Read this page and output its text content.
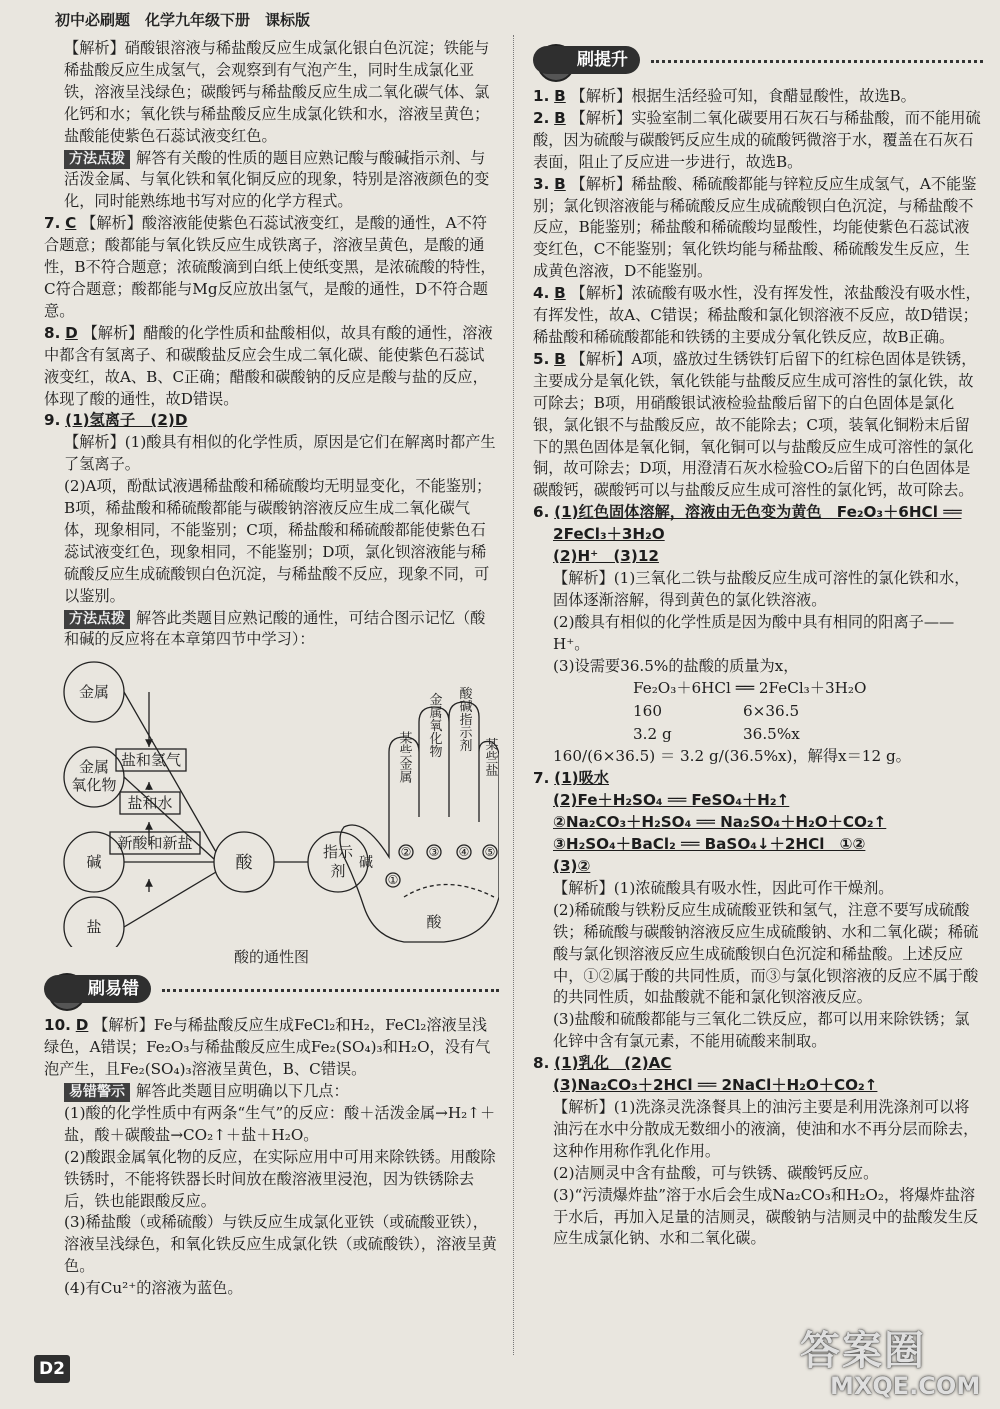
初中必刷题　化学九年级下册　课标版

【解析】硝酸银溶液与稀盐酸反应生成氯化银白色沉淀；铁能与稀盐酸反应生成氢气，会观察到有气泡产生，同时生成氯化亚铁，溶液呈浅绿色；碳酸钙与稀盐酸反应生成二氧化碳气体、氯化钙和水；氧化铁与稀盐酸反应生成氯化铁和水，溶液呈黄色；盐酸能使紫色石蕊试液变红色。

方法点拨 解答有关酸的性质的题目应熟记酸与酸碱指示剂、与活泼金属、与氧化铁和氧化铜反应的现象，特别是溶液颜色的变化，同时能熟练地书写对应的化学方程式。

7. C 【解析】酸溶液能使紫色石蕊试液变红，是酸的通性，A不符合题意；酸都能与氧化铁反应生成铁离子，溶液呈黄色，是酸的通性，B不符合题意；浓硫酸滴到白纸上使纸变黑，是浓硫酸的特性，C符合题意；酸都能与Mg反应放出氢气，是酸的通性，D不符合题意。

8. D 【解析】醋酸的化学性质和盐酸相似，故具有酸的通性，溶液中都含有氢离子、和碳酸盐反应会生成二氧化碳、能使紫色石蕊试液变红，故A、B、C正确；醋酸和碳酸钠的反应是酸与盐的反应，体现了酸的通性，故D错误。

9. (1)氢离子　(2)D

【解析】(1)酸具有相似的化学性质，原因是它们在解离时都产生了氢离子。

(2)A项，酚酞试液遇稀盐酸和稀硫酸均无明显变化，不能鉴别；B项，稀盐酸和稀硫酸都能与碳酸钠溶液反应生成二氧化碳气体，现象相同，不能鉴别；C项，稀盐酸和稀硫酸都能使紫色石蕊试液变红色，现象相同，不能鉴别；D项，氯化钡溶液能与稀硫酸反应生成硫酸钡白色沉淀，与稀盐酸不反应，现象不同，可以鉴别。

方法点拨 解答此类题目应熟记酸的通性，可结合图示记忆（酸和碱的反应将在本章第四节中学习）：

金属
金属
氧化物
碱
盐
酸
指示
剂
盐和氢气
盐和水
新酸和新盐
①
② ③ ④ ⑤
酸
碱
某些金属 金属氧化物 酸碱指示剂
某些盐

酸的通性图

刷易错

10. D 【解析】Fe与稀盐酸反应生成FeCl₂和H₂，FeCl₂溶液呈浅绿色，A错误；Fe₂O₃与稀盐酸反应生成Fe₂(SO₄)₃和H₂O，没有气泡产生，且Fe₂(SO₄)₃溶液呈黄色，B、C错误。

易错警示 解答此类题目应明确以下几点：

(1)酸的化学性质中有两条“生气”的反应：酸＋活泼金属→H₂↑＋盐，酸＋碳酸盐→CO₂↑＋盐＋H₂O。

(2)酸跟金属氧化物的反应，在实际应用中可用来除铁锈。用酸除铁锈时，不能将铁器长时间放在酸溶液里浸泡，因为铁锈除去后，铁也能跟酸反应。

(3)稀盐酸（或稀硫酸）与铁反应生成氯化亚铁（或硫酸亚铁），溶液呈浅绿色，和氧化铁反应生成氯化铁（或硫酸铁），溶液呈黄色。

(4)有Cu²⁺的溶液为蓝色。

刷提升

1. B 【解析】根据生活经验可知，食醋显酸性，故选B。

2. B 【解析】实验室制二氧化碳要用石灰石与稀盐酸，而不能用硫酸，因为硫酸与碳酸钙反应生成的硫酸钙微溶于水，覆盖在石灰石表面，阻止了反应进一步进行，故选B。

3. B 【解析】稀盐酸、稀硫酸都能与锌粒反应生成氢气，A不能鉴别；氯化钡溶液能与稀硫酸反应生成硫酸钡白色沉淀，与稀盐酸不反应，B能鉴别；稀盐酸和稀硫酸均显酸性，均能使紫色石蕊试液变红色，C不能鉴别；氧化铁均能与稀盐酸、稀硫酸发生反应，生成黄色溶液，D不能鉴别。

4. B 【解析】浓硫酸有吸水性，没有挥发性，浓盐酸没有吸水性，有挥发性，故A、C错误；稀盐酸和氯化钡溶液不反应，故D错误；稀盐酸和稀硫酸都能和铁锈的主要成分氧化铁反应，故B正确。

5. B 【解析】A项，盛放过生锈铁钉后留下的红棕色固体是铁锈，主要成分是氧化铁，氧化铁能与盐酸反应生成可溶性的氯化铁，故可除去；B项，用硝酸银试液检验盐酸后留下的白色固体是氯化银，氯化银不与盐酸反应，故不能除去；C项，装氧化铜粉末后留下的黑色固体是氧化铜，氧化铜可以与盐酸反应生成可溶性的氯化铜，故可除去；D项，用澄清石灰水检验CO₂后留下的白色固体是碳酸钙，碳酸钙可以与盐酸反应生成可溶性的氯化钙，故可除去。

6. (1)红色固体溶解，溶液由无色变为黄色　Fe₂O₃＋6HCl ══

2FeCl₃＋3H₂O

(2)H⁺　(3)12

【解析】(1)三氧化二铁与盐酸反应生成可溶性的氯化铁和水，固体逐渐溶解，得到黄色的氯化铁溶液。

(2)酸具有相似的化学性质是因为酸中具有相同的阳离子——H⁺。

(3)设需要36.5%的盐酸的质量为x，

Fe₂O₃＋6HCl ══ 2FeCl₃＋3H₂O

160	6×36.5

3.2 g	36.5%x

160/(6×36.5) ＝ 3.2 g/(36.5%x)，解得x＝12 g。

7. (1)吸水

(2)Fe＋H₂SO₄ ══ FeSO₄＋H₂↑

②Na₂CO₃＋H₂SO₄ ══ Na₂SO₄＋H₂O＋CO₂↑

③H₂SO₄＋BaCl₂ ══ BaSO₄↓＋2HCl　①②

(3)②

【解析】(1)浓硫酸具有吸水性，因此可作干燥剂。

(2)稀硫酸与铁粉反应生成硫酸亚铁和氢气，注意不要写成硫酸铁；稀硫酸与碳酸钠溶液反应生成硫酸钠、水和二氧化碳；稀硫酸与氯化钡溶液反应生成硫酸钡白色沉淀和稀盐酸。上述反应中，①②属于酸的共同性质，而③与氯化钡溶液的反应不属于酸的共同性质，如盐酸就不能和氯化钡溶液反应。

(3)盐酸和硫酸都能与三氧化二铁反应，都可以用来除铁锈；氯化锌中含有氯元素，不能用硫酸来制取。

8. (1)乳化　(2)AC

(3)Na₂CO₃＋2HCl ══ 2NaCl＋H₂O＋CO₂↑

【解析】(1)洗涤灵洗涤餐具上的油污主要是利用洗涤剂可以将油污在水中分散成无数细小的液滴，使油和水不再分层而除去，这种作用称作乳化作用。

(2)洁厕灵中含有盐酸，可与铁锈、碳酸钙反应。

(3)“污渍爆炸盐”溶于水后会生成Na₂CO₃和H₂O₂，将爆炸盐溶于水后，再加入足量的洁厕灵，碳酸钠与洁厕灵中的盐酸发生反应生成氯化钠、水和二氧化碳。

D2	答案圈
MXQE.COM
